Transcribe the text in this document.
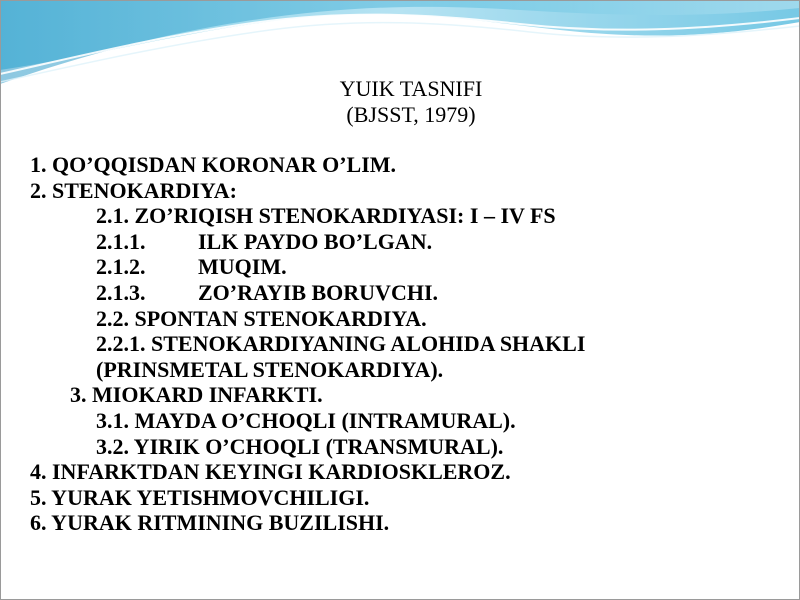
YUIK TASNIFI
(BJSST, 1979)
1. QO’QQISDAN KORONAR O’LIM.
2. STENOKARDIYA:
2.1. ZO’RIQISH STENOKARDIYASI: I – IV FS
2.1.1. ILK PAYDO BO’LGAN.
2.1.2. MUQIM.
2.1.3. ZO’RAYIB BORUVCHI.
2.2. SPONTAN STENOKARDIYA.
2.2.1. STENOKARDIYANING ALOHIDA SHAKLI
(PRINSMETAL STENOKARDIYA).
3. MIOKARD INFARKTI.
3.1. MAYDA O’CHOQLI (INTRAMURAL).
3.2. YIRIK O’CHOQLI (TRANSMURAL).
4. INFARKTDAN KEYINGI KARDIOSKLEROZ.
5. YURAK YETISHMOVCHILIGI.
6. YURAK RITMINING BUZILISHI.
